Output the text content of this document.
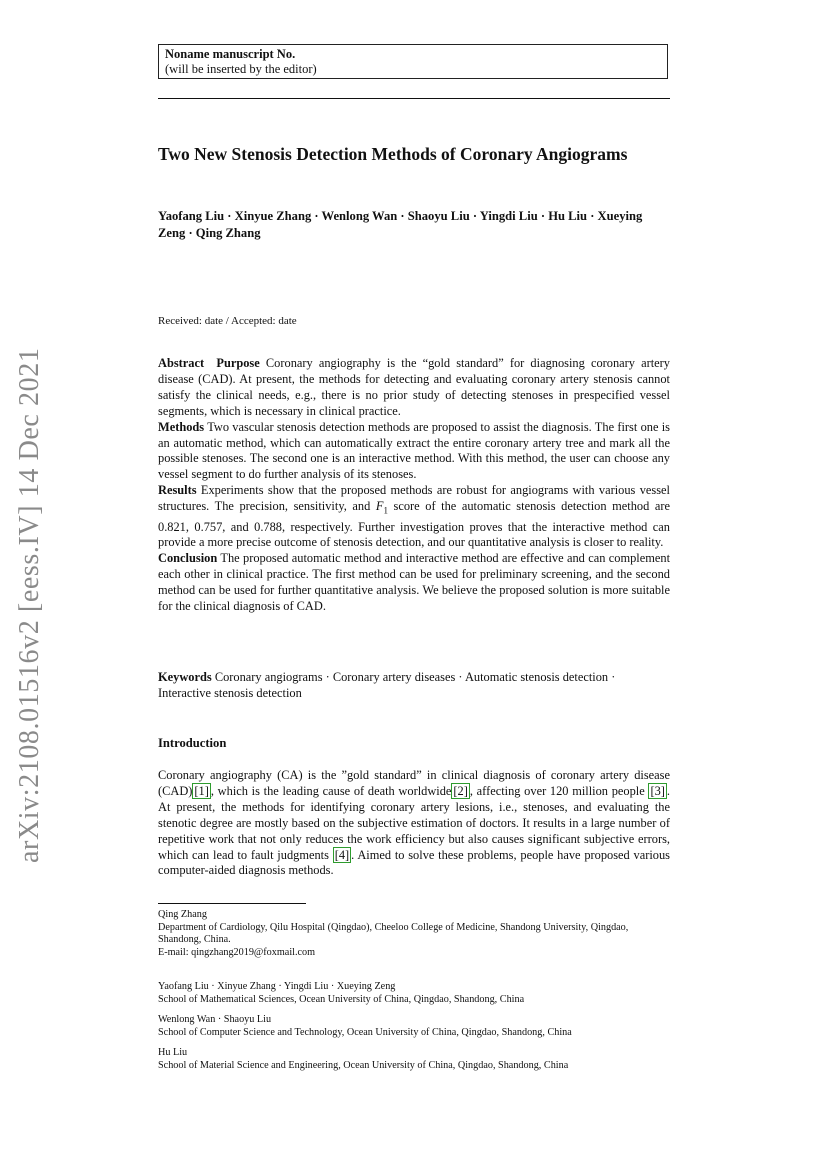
arXiv:2108.01516v2 [eess.IV] 14 Dec 2021
Noname manuscript No.
(will be inserted by the editor)
Two New Stenosis Detection Methods of Coronary Angiograms
Yaofang Liu · Xinyue Zhang · Wenlong Wan · Shaoyu Liu · Yingdi Liu · Hu Liu · Xueying Zeng · Qing Zhang
Received: date / Accepted: date

Abstract Purpose Coronary angiography is the “gold standard” for diagnosing coronary artery disease (CAD). At present, the methods for detecting and evaluating coronary artery stenosis cannot satisfy the clinical needs, e.g., there is no prior study of detecting stenoses in prespecified vessel segments, which is necessary in clinical practice.

Methods Two vascular stenosis detection methods are proposed to assist the diagnosis. The first one is an automatic method, which can automatically extract the entire coronary artery tree and mark all the possible stenoses. The second one is an interactive method. With this method, the user can choose any vessel segment to do further analysis of its stenoses.

Results Experiments show that the proposed methods are robust for angiograms with various vessel structures. The precision, sensitivity, and $F_1$ score of the automatic stenosis detection method are 0.821, 0.757, and 0.788, respectively. Further investigation proves that the interactive method can provide a more precise outcome of stenosis detection, and our quantitative analysis is closer to reality.

Conclusion The proposed automatic method and interactive method are effective and can complement each other in clinical practice. The first method can be used for preliminary screening, and the second method can be used for further quantitative analysis. We believe the proposed solution is more suitable for the clinical diagnosis of CAD.

Keywords Coronary angiograms · Coronary artery diseases · Automatic stenosis detection · Interactive stenosis detection
Introduction
Coronary angiography (CA) is the ”gold standard” in clinical diagnosis of coronary artery disease (CAD) [1] , which is the leading cause of death worldwide [2] , affecting over 120 million people [3] . At present, the methods for identifying coronary artery lesions, i.e., stenoses, and evaluating the stenotic degree are mostly based on the subjective estimation of doctors. It results in a large number of repetitive work that not only reduces the work efficiency but also causes significant subjective errors, which can lead to fault judgments [4] . Aimed to solve these problems, people have proposed various computer-aided diagnosis methods.
Qing Zhang
Department of Cardiology, Qilu Hospital (Qingdao), Cheeloo College of Medicine, Shandong University, Qingdao, Shandong, China.
E-mail: qingzhang2019@foxmail.com
Yaofang Liu · Xinyue Zhang · Yingdi Liu · Xueying Zeng
School of Mathematical Sciences, Ocean University of China, Qingdao, Shandong, China
Wenlong Wan · Shaoyu Liu
School of Computer Science and Technology, Ocean University of China, Qingdao, Shandong, China
Hu Liu
School of Material Science and Engineering, Ocean University of China, Qingdao, Shandong, China
